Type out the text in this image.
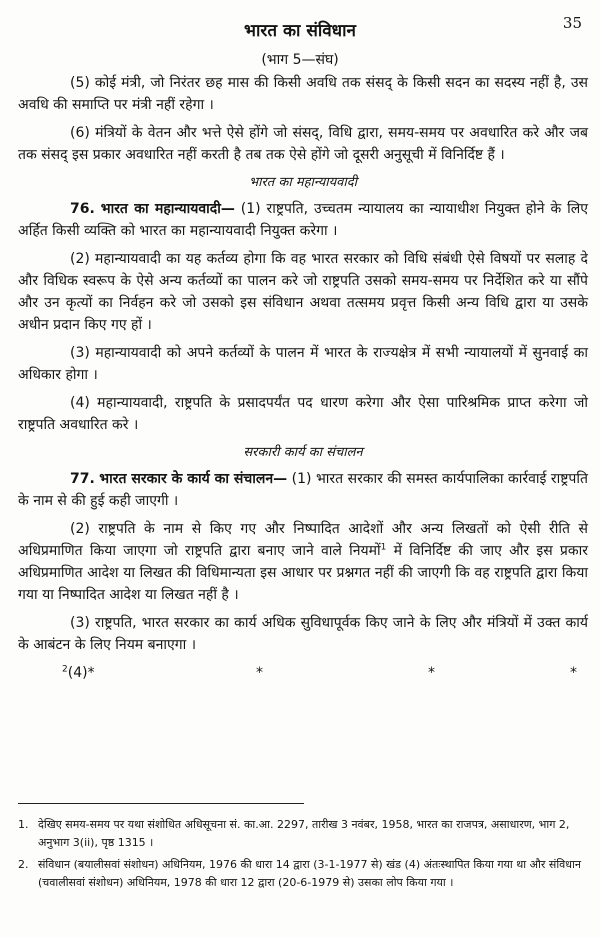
35
भारत का संविधान
(भाग 5—संघ)

(5) कोई मंत्री, जो निरंतर छह मास की किसी अवधि तक संसद् के किसी सदन का सदस्य नहीं है, उस अवधि की समाप्ति पर मंत्री नहीं रहेगा ।

(6) मंत्रियों के वेतन और भत्ते ऐसे होंगे जो संसद्, विधि द्वारा, समय-समय पर अवधारित करे और जब तक संसद् इस प्रकार अवधारित नहीं करती है तब तक ऐसे होंगे जो दूसरी अनुसूची में विनिर्दिष्ट हैं ।

भारत का महान्यायवादी

76. भारत का महान्यायवादी— (1) राष्ट्रपति, उच्चतम न्यायालय का न्यायाधीश नियुक्त होने के लिए अर्हित किसी व्यक्ति को भारत का महान्यायवादी नियुक्त करेगा ।

(2) महान्यायवादी का यह कर्तव्य होगा कि वह भारत सरकार को विधि संबंधी ऐसे विषयों पर सलाह दे और विधिक स्वरूप के ऐसे अन्य कर्तव्यों का पालन करे जो राष्ट्रपति उसको समय-समय पर निर्देशित करे या सौंपे और उन कृत्यों का निर्वहन करे जो उसको इस संविधान अथवा तत्समय प्रवृत्त किसी अन्य विधि द्वारा या उसके अधीन प्रदान किए गए हों ।

(3) महान्यायवादी को अपने कर्तव्यों के पालन में भारत के राज्यक्षेत्र में सभी न्यायालयों में सुनवाई का अधिकार होगा ।

(4) महान्यायवादी, राष्ट्रपति के प्रसादपर्यंत पद धारण करेगा और ऐसा पारिश्रमिक प्राप्त करेगा जो राष्ट्रपति अवधारित करे ।

सरकारी कार्य का संचालन

77. भारत सरकार के कार्य का संचालन— (1) भारत सरकार की समस्त कार्यपालिका कार्रवाई राष्ट्रपति के नाम से की हुई कही जाएगी ।

(2) राष्ट्रपति के नाम से किए गए और निष्पादित आदेशों और अन्य लिखतों को ऐसी रीति से अधिप्रमाणित किया जाएगा जो राष्ट्रपति द्वारा बनाए जाने वाले नियमों$^1$ में विनिर्दिष्ट की जाए और इस प्रकार अधिप्रमाणित आदेश या लिखत की विधिमान्यता इस आधार पर प्रश्नगत नहीं की जाएगी कि वह राष्ट्रपति द्वारा किया गया या निष्पादित आदेश या लिखत नहीं है ।

(3) राष्ट्रपति, भारत सरकार का कार्य अधिक सुविधापूर्वक किए जाने के लिए और मंत्रियों में उक्त कार्य के आबंटन के लिए नियम बनाएगा ।

$^2$(4)*	*	*	*
1. देखिए समय-समय पर यथा संशोधित अधिसूचना सं. का.आ. 2297, तारीख 3 नवंबर, 1958, भारत का राजपत्र, असाधारण, भाग 2, अनुभाग 3(ii), पृष्ठ 1315 ।
2. संविधान (बयालीसवां संशोधन) अधिनियम, 1976 की धारा 14 द्वारा (3-1-1977 से) खंड (4) अंतःस्थापित किया गया था और संविधान (चवालीसवां संशोधन) अधिनियम, 1978 की धारा 12 द्वारा (20-6-1979 से) उसका लोप किया गया ।
